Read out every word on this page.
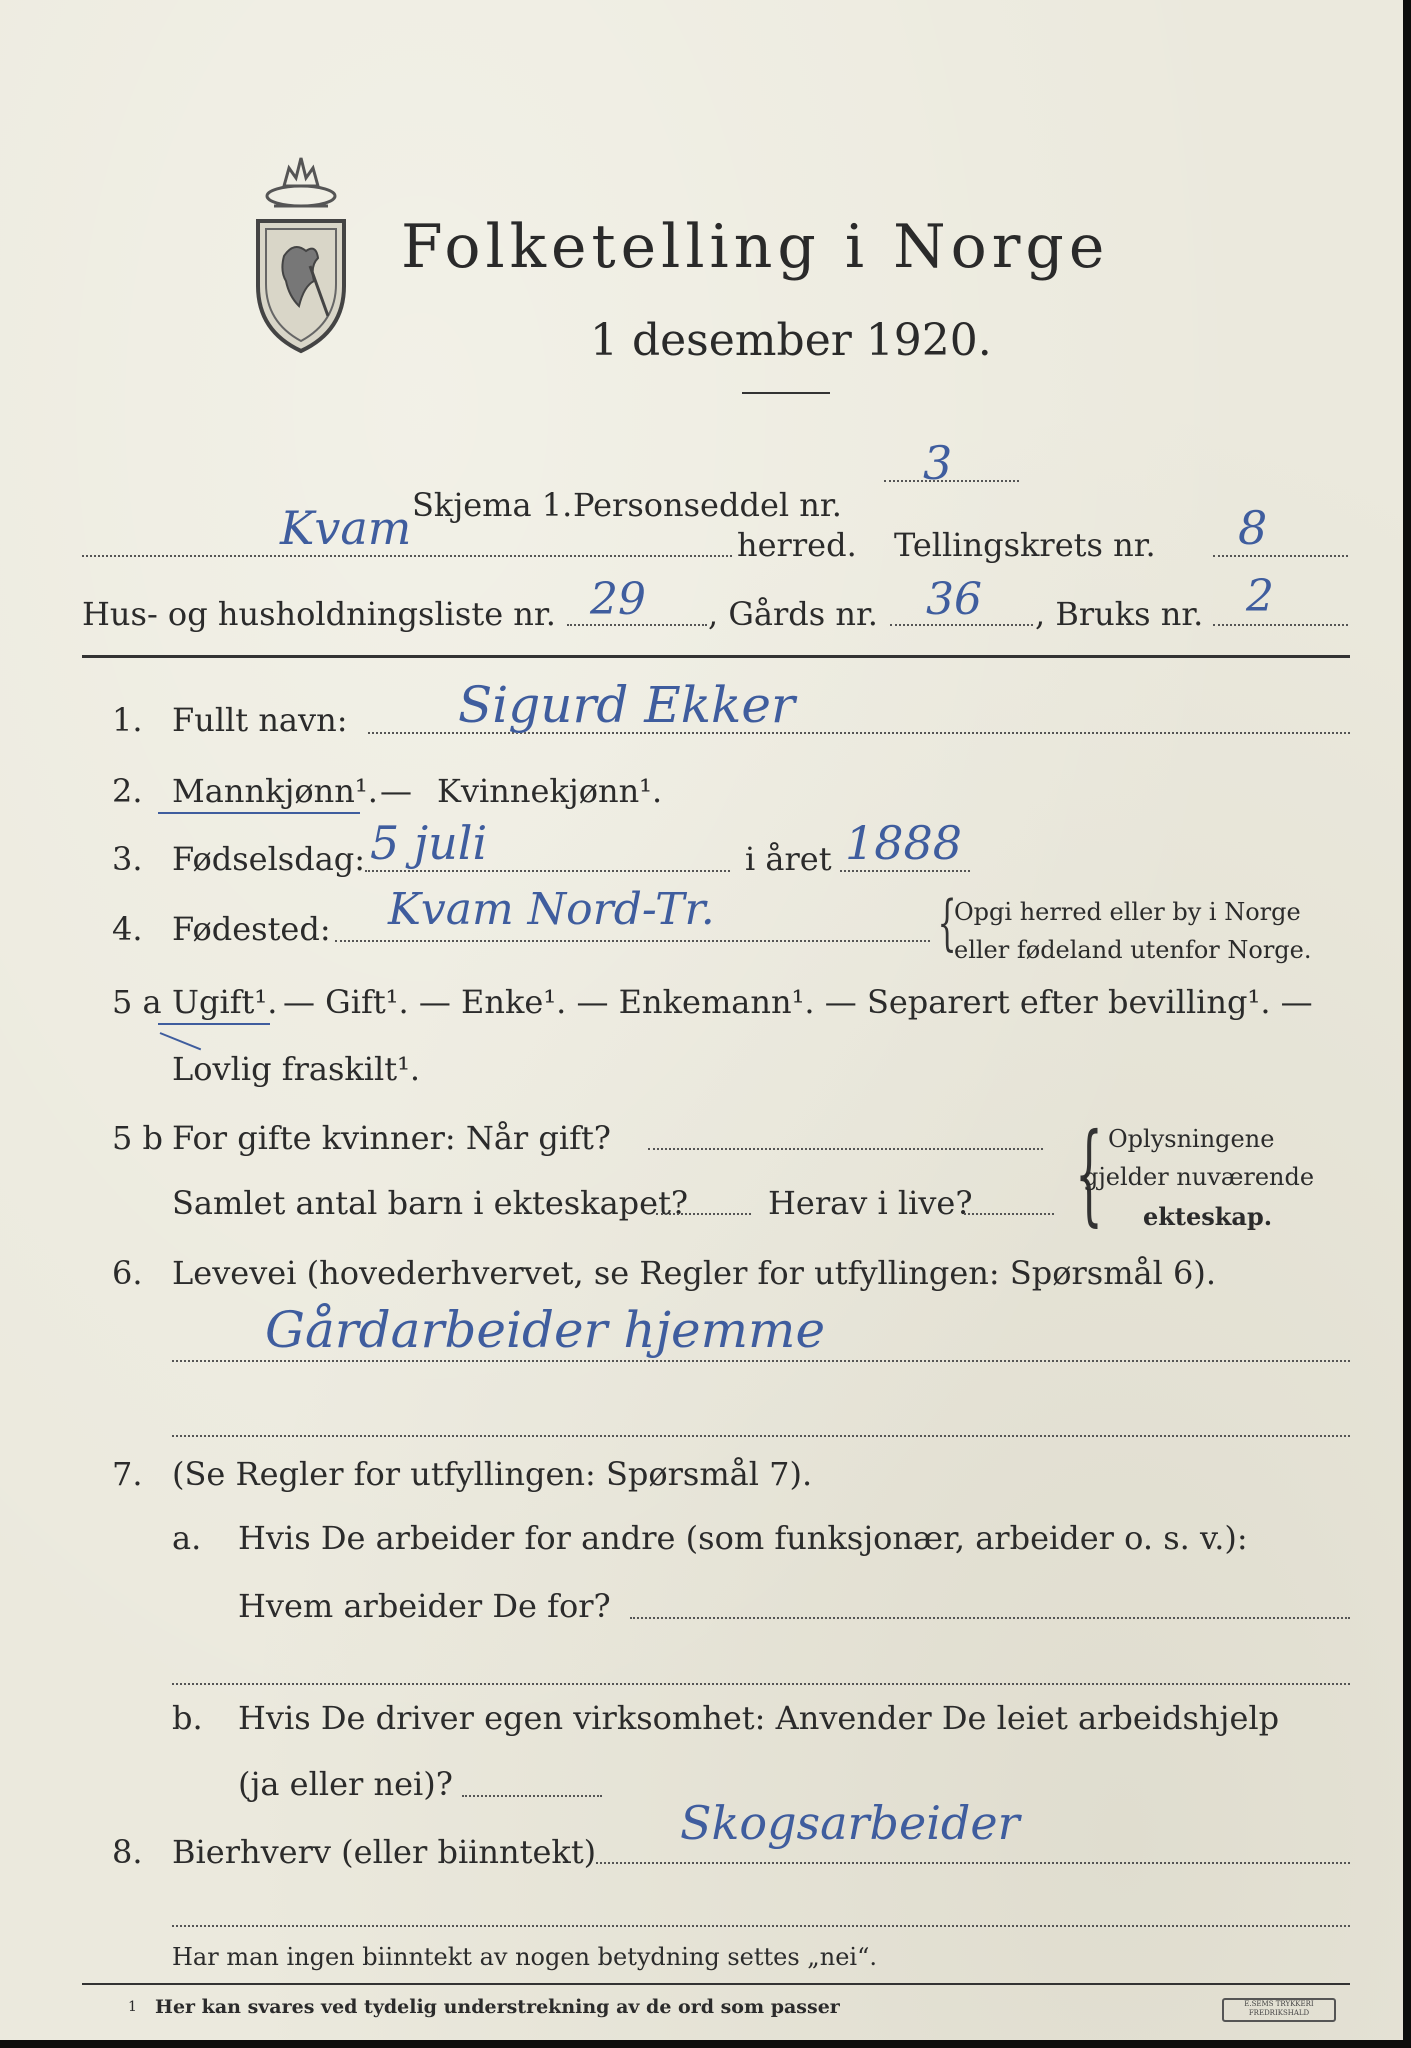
Folketelling i Norge
1 desember 1920.
Skjema 1. Personseddel nr.
3
Kvam	herred. Tellingskrets nr. 8
Hus- og husholdningsliste nr. 29 , Gårds nr. 36 , Bruks nr. 2
1. Fullt navn: Sigurd Ekker
2. Mannkjønn¹. — Kvinnekjønn¹.
3. Fødselsdag: 5 juli	i året 1888
4. Fødested: Kvam Nord-Tr.	{
Opgi herred eller by i Norge
eller fødeland utenfor Norge.
5 a Ugift¹. — Gift¹. — Enke¹. — Enkemann¹. — Separert efter bevilling¹. —
Lovlig fraskilt¹.
5 b For gifte kvinner: Når gift?
Samlet antal barn i ekteskapet? Herav i live? { Oplysningene
gjelder nuværende
ekteskap.
6. Levevei (hovederhvervet, se Regler for utfyllingen: Spørsmål 6).
Gårdarbeider hjemme
7. (Se Regler for utfyllingen: Spørsmål 7).
a. Hvis De arbeider for andre (som funksjonær, arbeider o. s. v.):
Hvem arbeider De for?
b. Hvis De driver egen virksomhet: Anvender De leiet arbeidshjelp
(ja eller nei)?
8. Bierhverv (eller biinntekt)
Skogsarbeider
Har man ingen biinntekt av nogen betydning settes „nei“.
1 Her kan svares ved tydelig understrekning av de ord som passer	E.SEMS TRYKKERI
FREDRIKSHALD
